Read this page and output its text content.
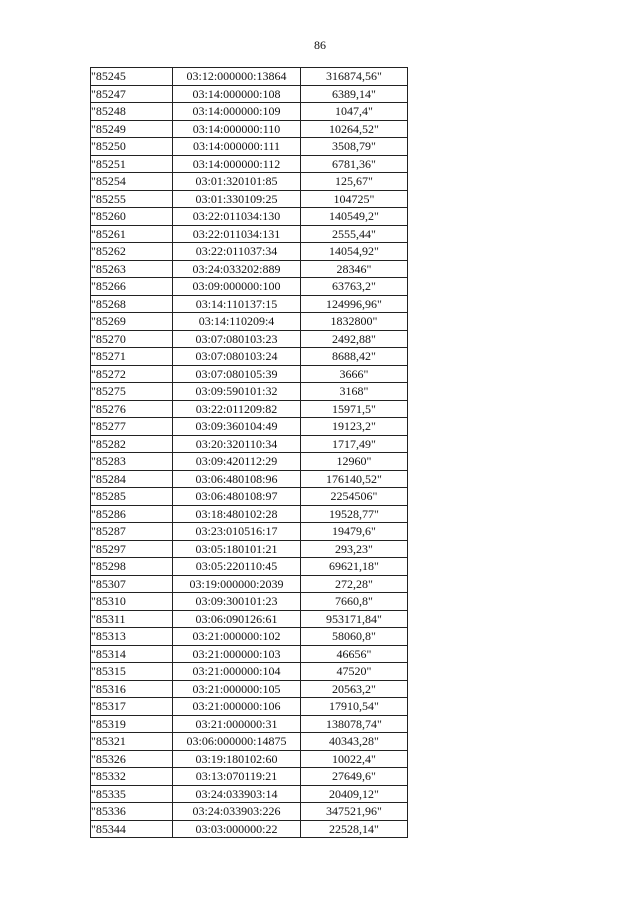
86
"85245	03:12:000000:13864	316874,56"
"85247	03:14:000000:108	6389,14"
"85248	03:14:000000:109	1047,4"
"85249	03:14:000000:110	10264,52"
"85250	03:14:000000:111	3508,79"
"85251	03:14:000000:112	6781,36"
"85254	03:01:320101:85	125,67"
"85255	03:01:330109:25	104725"
"85260	03:22:011034:130	140549,2"
"85261	03:22:011034:131	2555,44"
"85262	03:22:011037:34	14054,92"
"85263	03:24:033202:889	28346"
"85266	03:09:000000:100	63763,2"
"85268	03:14:110137:15	124996,96"
"85269	03:14:110209:4	1832800"
"85270	03:07:080103:23	2492,88"
"85271	03:07:080103:24	8688,42"
"85272	03:07:080105:39	3666"
"85275	03:09:590101:32	3168"
"85276	03:22:011209:82	15971,5"
"85277	03:09:360104:49	19123,2"
"85282	03:20:320110:34	1717,49"
"85283	03:09:420112:29	12960"
"85284	03:06:480108:96	176140,52"
"85285	03:06:480108:97	2254506"
"85286	03:18:480102:28	19528,77"
"85287	03:23:010516:17	19479,6"
"85297	03:05:180101:21	293,23"
"85298	03:05:220110:45	69621,18"
"85307	03:19:000000:2039	272,28"
"85310	03:09:300101:23	7660,8"
"85311	03:06:090126:61	953171,84"
"85313	03:21:000000:102	58060,8"
"85314	03:21:000000:103	46656"
"85315	03:21:000000:104	47520"
"85316	03:21:000000:105	20563,2"
"85317	03:21:000000:106	17910,54"
"85319	03:21:000000:31	138078,74"
"85321	03:06:000000:14875	40343,28"
"85326	03:19:180102:60	10022,4"
"85332	03:13:070119:21	27649,6"
"85335	03:24:033903:14	20409,12"
"85336	03:24:033903:226	347521,96"
"85344	03:03:000000:22	22528,14"
